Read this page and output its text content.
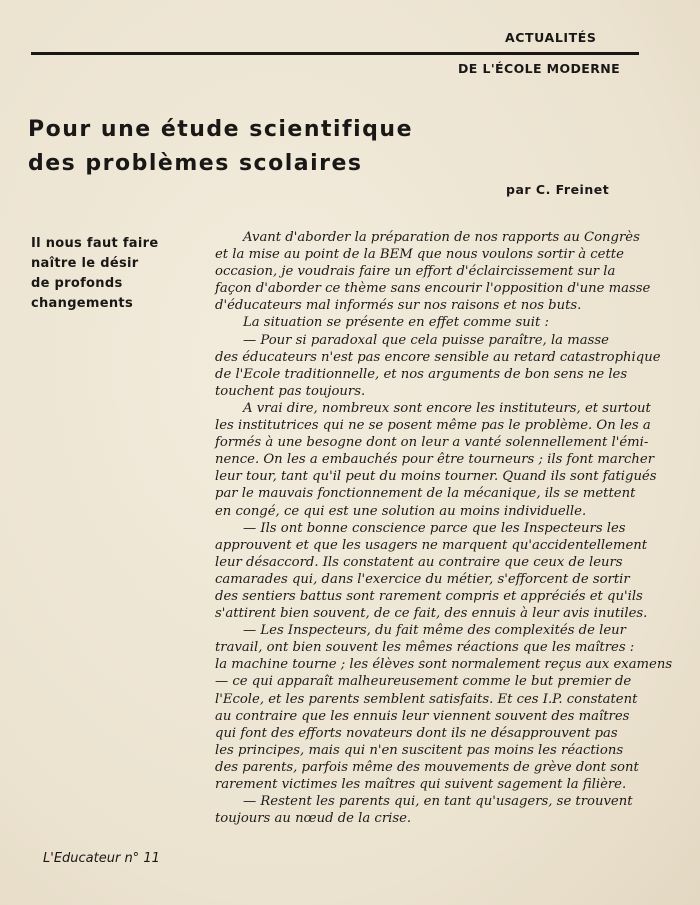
ACTUALITÉS
DE L'ÉCOLE MODERNE
Pour une étude scientifique
des problèmes scolaires
par C. Freinet
Il nous faut faire
naître le désir
de profonds
changements
Avant d'aborder la préparation de nos rapports au Congrès
et la mise au point de la BEM que nous voulons sortir à cette
occasion, je voudrais faire un effort d'éclaircissement sur la
façon d'aborder ce thème sans encourir l'opposition d'une masse
d'éducateurs mal informés sur nos raisons et nos buts.
La situation se présente en effet comme suit :
— Pour si paradoxal que cela puisse paraître, la masse
des éducateurs n'est pas encore sensible au retard catastrophique
de l'Ecole traditionnelle, et nos arguments de bon sens ne les
touchent pas toujours.
A vrai dire, nombreux sont encore les instituteurs, et surtout
les institutrices qui ne se posent même pas le problème. On les a
formés à une besogne dont on leur a vanté solennellement l'émi-
nence. On les a embauchés pour être tourneurs ; ils font marcher
leur tour, tant qu'il peut du moins tourner. Quand ils sont fatigués
par le mauvais fonctionnement de la mécanique, ils se mettent
en congé, ce qui est une solution au moins individuelle.
— Ils ont bonne conscience parce que les Inspecteurs les
approuvent et que les usagers ne marquent qu'accidentellement
leur désaccord. Ils constatent au contraire que ceux de leurs
camarades qui, dans l'exercice du métier, s'efforcent de sortir
des sentiers battus sont rarement compris et appréciés et qu'ils
s'attirent bien souvent, de ce fait, des ennuis à leur avis inutiles.
— Les Inspecteurs, du fait même des complexités de leur
travail, ont bien souvent les mêmes réactions que les maîtres :
la machine tourne ; les élèves sont normalement reçus aux examens
— ce qui apparaît malheureusement comme le but premier de
l'Ecole, et les parents semblent satisfaits. Et ces I.P. constatent
au contraire que les ennuis leur viennent souvent des maîtres
qui font des efforts novateurs dont ils ne désapprouvent pas
les principes, mais qui n'en suscitent pas moins les réactions
des parents, parfois même des mouvements de grève dont sont
rarement victimes les maîtres qui suivent sagement la filière.
— Restent les parents qui, en tant qu'usagers, se trouvent
toujours au nœud de la crise.
L'Educateur n° 11
